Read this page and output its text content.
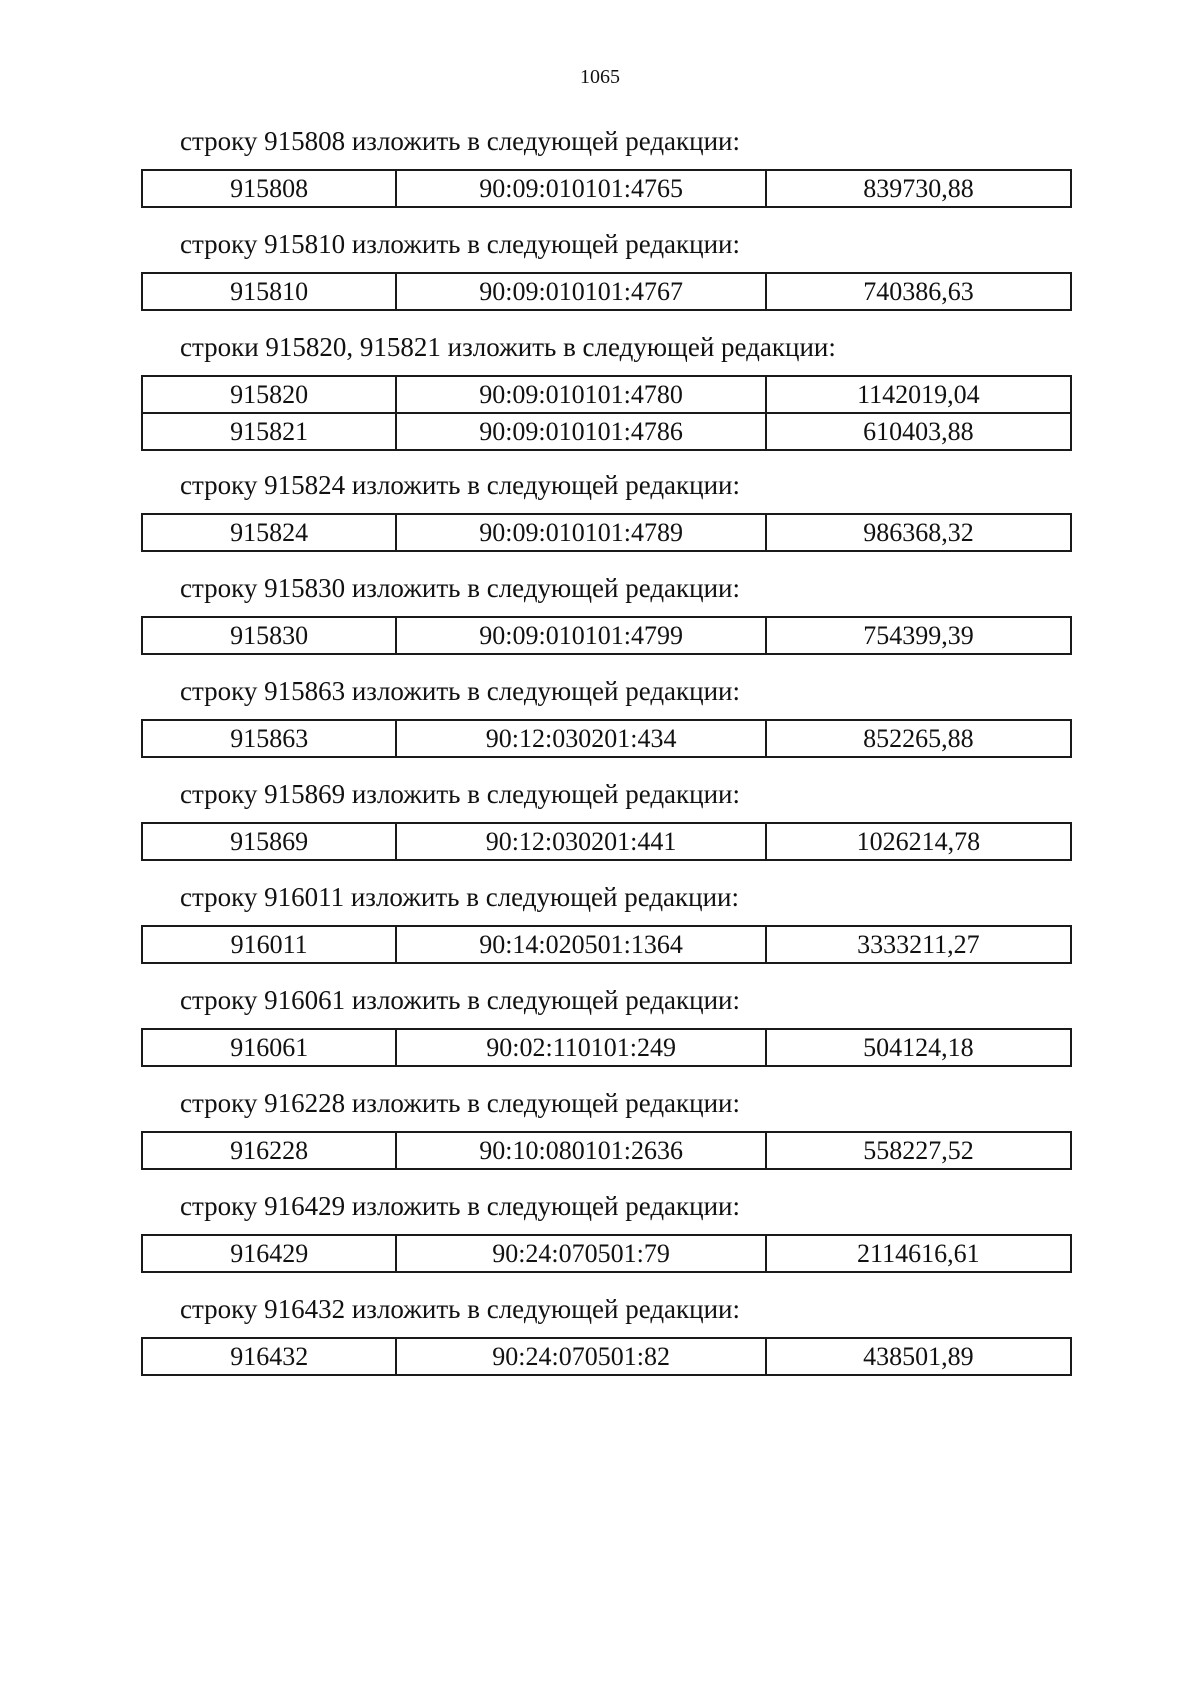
1065
строку 915808 изложить в следующей редакции:
915808	90:09:010101:4765	839730,88
строку 915810 изложить в следующей редакции:
915810	90:09:010101:4767	740386,63
строки 915820, 915821 изложить в следующей редакции:
915820	90:09:010101:4780	1142019,04
915821	90:09:010101:4786	610403,88
строку 915824 изложить в следующей редакции:
915824	90:09:010101:4789	986368,32
строку 915830 изложить в следующей редакции:
915830	90:09:010101:4799	754399,39
строку 915863 изложить в следующей редакции:
915863	90:12:030201:434	852265,88
строку 915869 изложить в следующей редакции:
915869	90:12:030201:441	1026214,78
строку 916011 изложить в следующей редакции:
916011	90:14:020501:1364	3333211,27
строку 916061 изложить в следующей редакции:
916061	90:02:110101:249	504124,18
строку 916228 изложить в следующей редакции:
916228	90:10:080101:2636	558227,52
строку 916429 изложить в следующей редакции:
916429	90:24:070501:79	2114616,61
строку 916432 изложить в следующей редакции:
916432	90:24:070501:82	438501,89
